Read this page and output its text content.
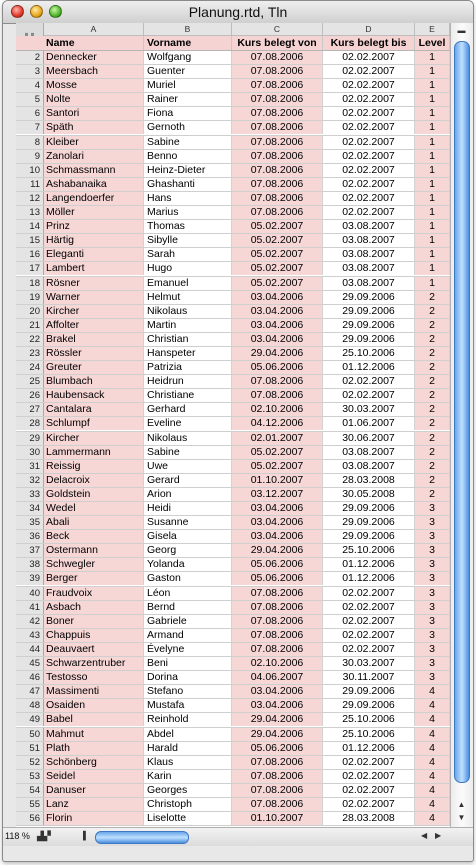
Planung.rtd, Tln
A	B	C	D	E
Name	Vorname	Kurs belegt von	Kurs belegt bis	Level
2 Dennecker	Wolfgang	07.08.2006	02.02.2007	1
3 Meersbach	Guenter	07.08.2006	02.02.2007	1
4 Mosse	Muriel	07.08.2006	02.02.2007	1
5 Nolte	Rainer	07.08.2006	02.02.2007	1
6 Santori	Fiona	07.08.2006	02.02.2007	1
7 Späth	Gernoth	07.08.2006	02.02.2007	1
8 Kleiber	Sabine	07.08.2006	02.02.2007	1
9 Zanolari	Benno	07.08.2006	02.02.2007	1
10 Schmassmann	Heinz-Dieter	07.08.2006	02.02.2007	1
11 Ashabanaika	Ghashanti	07.08.2006	02.02.2007	1
12 Langendoerfer	Hans	07.08.2006	02.02.2007	1
13 Möller	Marius	07.08.2006	02.02.2007	1
14 Prinz	Thomas	05.02.2007	03.08.2007	1
15 Härtig	Sibylle	05.02.2007	03.08.2007	1
16 Eleganti	Sarah	05.02.2007	03.08.2007	1
17 Lambert	Hugo	05.02.2007	03.08.2007	1
18 Rösner	Emanuel	05.02.2007	03.08.2007	1
19 Warner	Helmut	03.04.2006	29.09.2006	2
20 Kircher	Nikolaus	03.04.2006	29.09.2006	2
21 Affolter	Martin	03.04.2006	29.09.2006	2
22 Brakel	Christian	03.04.2006	29.09.2006	2
23 Rössler	Hanspeter	29.04.2006	25.10.2006	2
24 Greuter	Patrizia	05.06.2006	01.12.2006	2
25 Blumbach	Heidrun	07.08.2006	02.02.2007	2
26 Haubensack	Christiane	07.08.2006	02.02.2007	2
27 Cantalara	Gerhard	02.10.2006	30.03.2007	2
28 Schlumpf	Eveline	04.12.2006	01.06.2007	2
29 Kircher	Nikolaus	02.01.2007	30.06.2007	2
30 Lammermann	Sabine	05.02.2007	03.08.2007	2
31 Reissig	Uwe	05.02.2007	03.08.2007	2
32 Delacroix	Gerard	01.10.2007	28.03.2008	2
33 Goldstein	Arion	03.12.2007	30.05.2008	2
34 Wedel	Heidi	03.04.2006	29.09.2006	3
35 Abali	Susanne	03.04.2006	29.09.2006	3
36 Beck	Gisela	03.04.2006	29.09.2006	3
37 Ostermann	Georg	29.04.2006	25.10.2006	3
38 Schwegler	Yolanda	05.06.2006	01.12.2006	3
39 Berger	Gaston	05.06.2006	01.12.2006	3
40 Fraudvoix	Léon	07.08.2006	02.02.2007	3
41 Asbach	Bernd	07.08.2006	02.02.2007	3
42 Boner	Gabriele	07.08.2006	02.02.2007	3
43 Chappuis	Armand	07.08.2006	02.02.2007	3
44 Deauvaert	Évelyne	07.08.2006	02.02.2007	3
45 Schwarzentruber	Beni	02.10.2006	30.03.2007	3
46 Testosso	Dorina	04.06.2007	30.11.2007	3
47 Massimenti	Stefano	03.04.2006	29.09.2006	4
48 Osaiden	Mustafa	03.04.2006	29.09.2006	4
49 Babel	Reinhold	29.04.2006	25.10.2006	4
50 Mahmut	Abdel	29.04.2006	25.10.2006	4
51 Plath	Harald	05.06.2006	01.12.2006	4
52 Schönberg	Klaus	07.08.2006	02.02.2007	4
53 Seidel	Karin	07.08.2006	02.02.2007	4
54 Danuser	Georges	07.08.2006	02.02.2007	4
55 Lanz	Christoph	07.08.2006	02.02.2007	4
56 Florin	Liselotte	01.10.2007	28.03.2008	4
▬
▲
▼
118 % ▟▞	▌	◀ ▶
